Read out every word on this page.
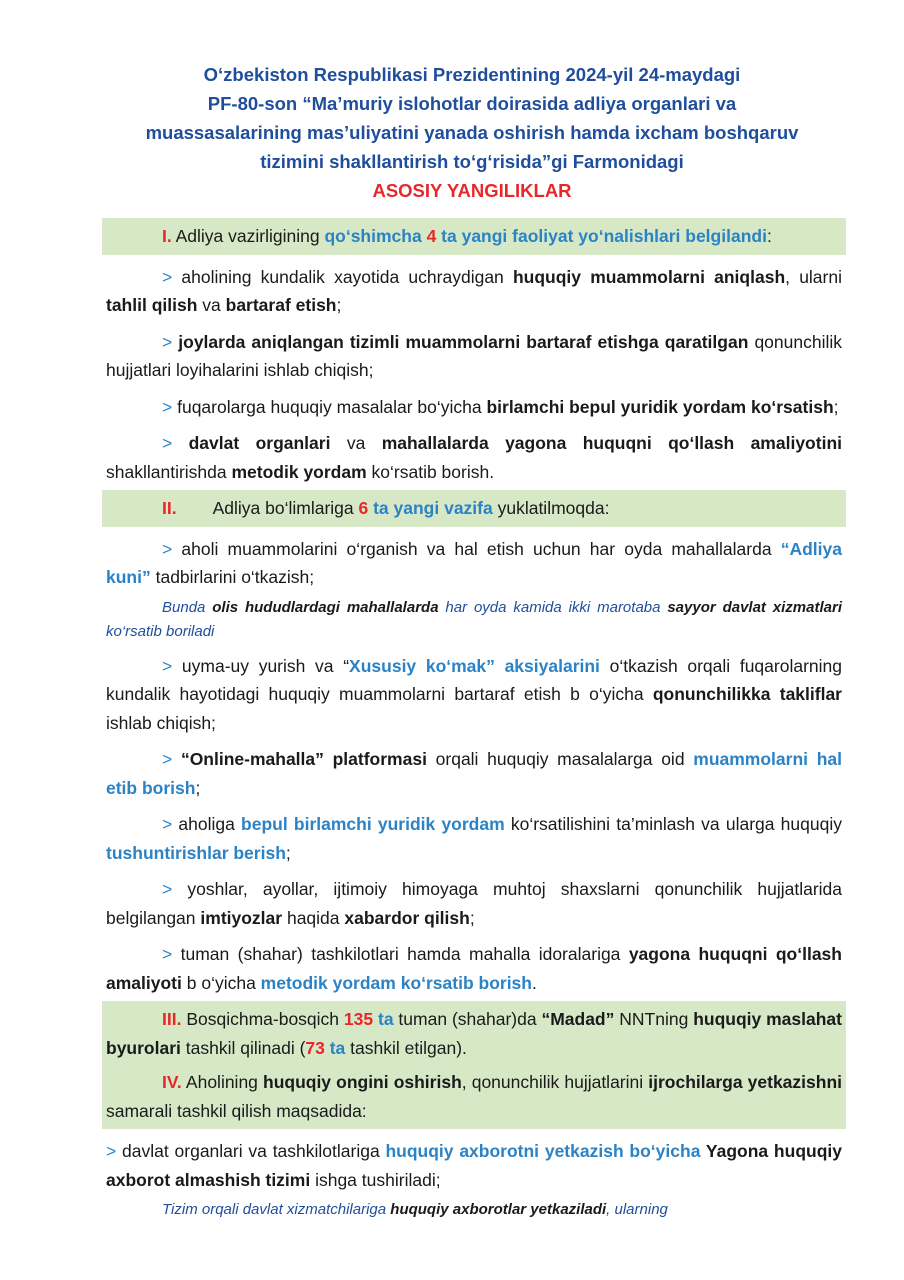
O‘zbekiston Respublikasi Prezidentining 2024-yil 24-maydagi
PF-80-son “Ma’muriy islohotlar doirasida adliya organlari va
muassasalarining mas’uliyatini yanada oshirish hamda ixcham boshqaruv
tizimini shakllantirish to‘g‘risida”gi Farmonidagi
ASOSIY YANGILIKLAR

I. Adliya vazirligining qo‘shimcha 4 ta yangi faoliyat yo‘nalishlari belgilandi:

> aholining kundalik xayotida uchraydigan huquqiy muammolarni aniqlash, ularni tahlil qilish va bartaraf etish;

> joylarda aniqlangan tizimli muammolarni bartaraf etishga qaratilgan qonunchilik hujjatlari loyihalarini ishlab chiqish;

> fuqarolarga huquqiy masalalar bo‘yicha birlamchi bepul yuridik yordam ko‘rsatish;

> davlat organlari va mahallalarda yagona huquqni qo‘llash amaliyotini shakllantirishda metodik yordam ko‘rsatib borish.

II. Adliya bo‘limlariga 6 ta yangi vazifa yuklatilmoqda:

> aholi muammolarini o‘rganish va hal etish uchun har oyda mahallalarda “Adliya kuni” tadbirlarini o‘tkazish;

Bunda olis hududlardagi mahallalarda har oyda kamida ikki marotaba sayyor davlat xizmatlari ko‘rsatib boriladi

> uyma-uy yurish va “Xususiy ko‘mak” aksiyalarini o‘tkazish orqali fuqarolarning kundalik hayotidagi huquqiy muammolarni bartaraf etish b o‘yicha qonunchilikka takliflar ishlab chiqish;

> “Online-mahalla” platformasi orqali huquqiy masalalarga oid muammolarni hal etib borish;

> aholiga bepul birlamchi yuridik yordam ko‘rsatilishini ta’minlash va ularga huquqiy tushuntirishlar berish;

> yoshlar, ayollar, ijtimoiy himoyaga muhtoj shaxslarni qonunchilik hujjatlarida belgilangan imtiyozlar haqida xabardor qilish;

> tuman (shahar) tashkilotlari hamda mahalla idoralariga yagona huquqni qo‘llash amaliyoti b o‘yicha metodik yordam ko‘rsatib borish.

III. Bosqichma-bosqich 135 ta tuman (shahar)da “Madad” NNTning huquqiy maslahat byurolari tashkil qilinadi (73 ta tashkil etilgan).

IV. Aholining huquqiy ongini oshirish, qonunchilik hujjatlarini ijrochilarga yetkazishni samarali tashkil qilish maqsadida:

> davlat organlari va tashkilotlariga huquqiy axborotni yetkazish bo‘yicha Yagona huquqiy axborot almashish tizimi ishga tushiriladi;

Tizim orqali davlat xizmatchilariga huquqiy axborotlar yetkaziladi, ularning
